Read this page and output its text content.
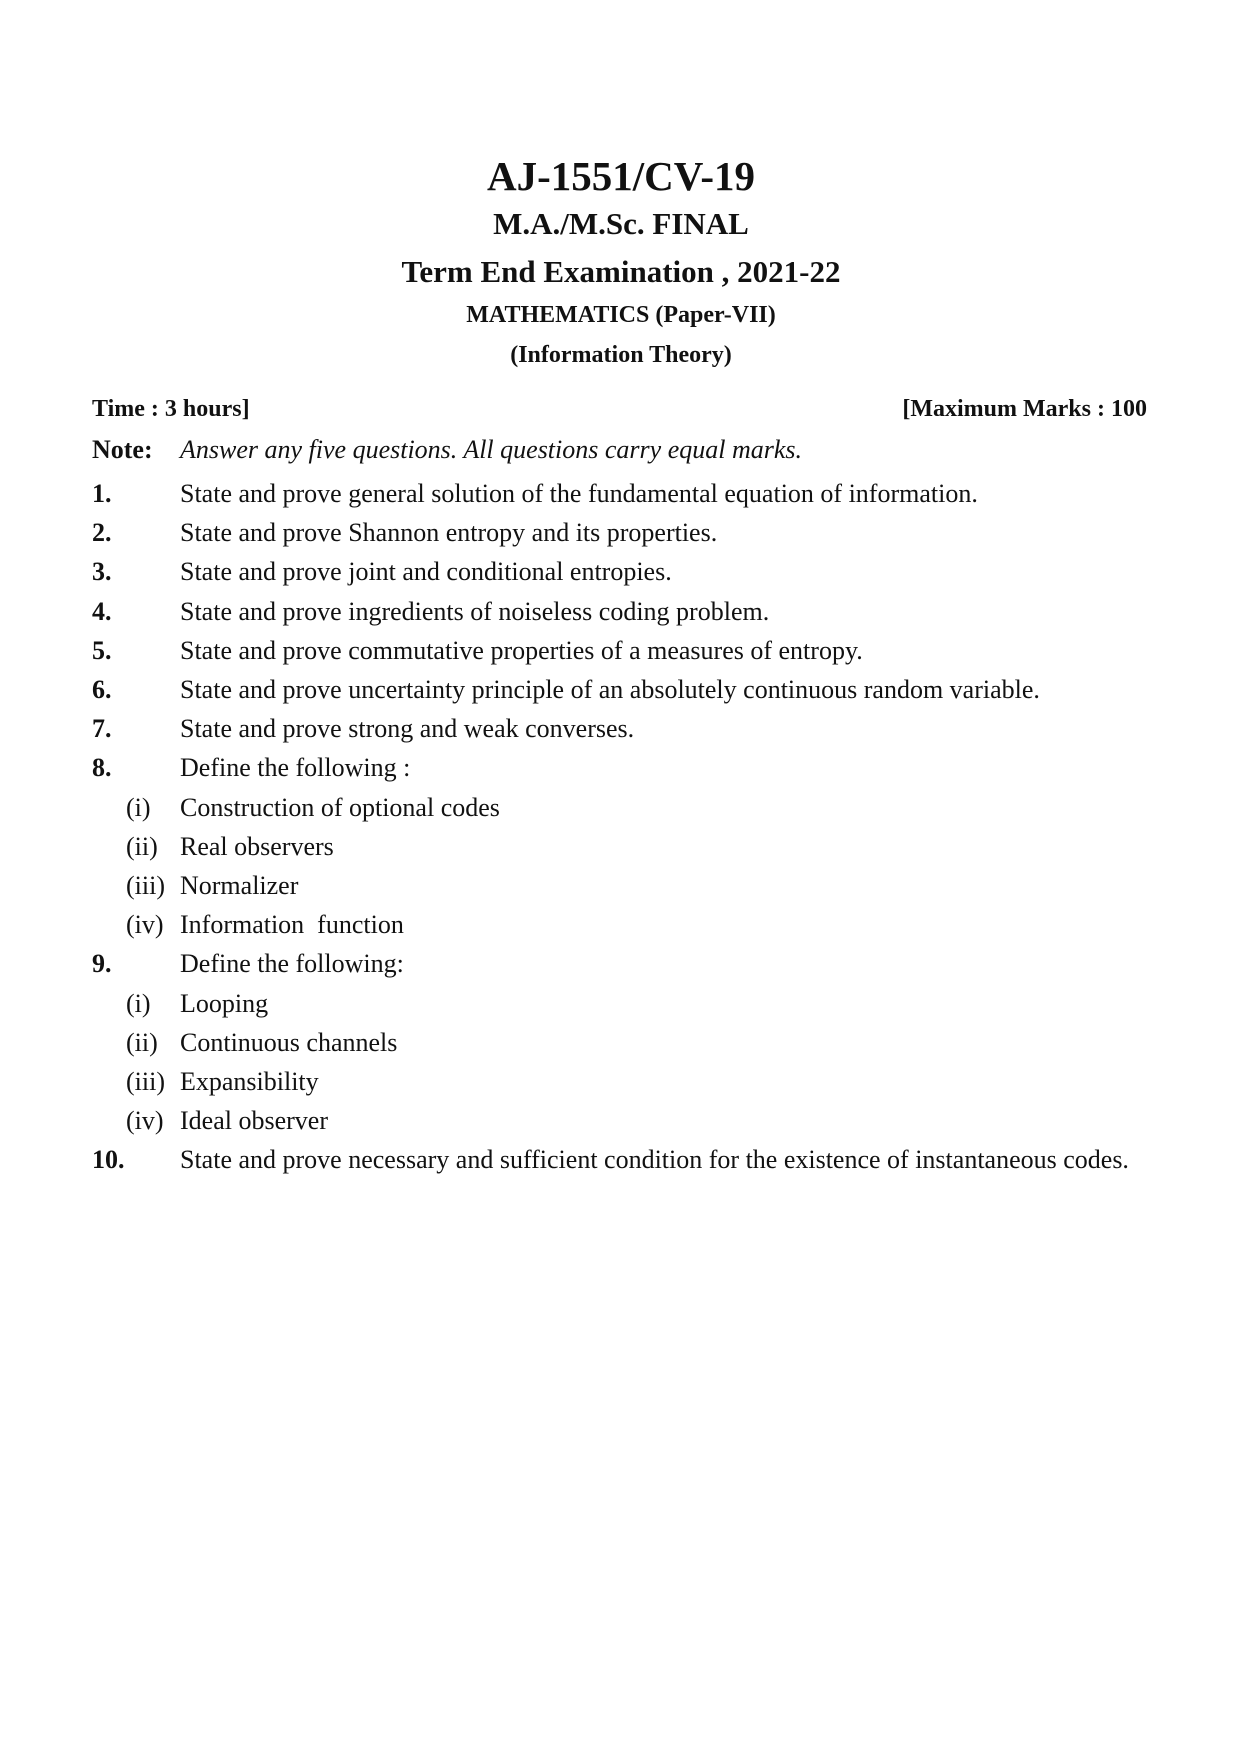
AJ-1551/CV-19
M.A./M.Sc. FINAL
Term End Examination , 2021-22
MATHEMATICS (Paper-VII)
(Information Theory)
Time : 3 hours]	[Maximum Marks : 100
Note: Answer any five questions. All questions carry equal marks.
1.	State and prove general solution of the fundamental equation of information.
2.	State and prove Shannon entropy and its properties.
3.	State and prove joint and conditional entropies.
4.	State and prove ingredients of noiseless coding problem.
5.	State and prove commutative properties of a measures of entropy.
6.	State and prove uncertainty principle of an absolutely continuous random variable.
7.	State and prove strong and weak converses.
8.	Define the following :
(i)	Construction of optional codes
(ii) Real observers
(iii) Normalizer
(iv) Information  function
9.	Define the following:
(i)	Looping
(ii) Continuous channels
(iii) Expansibility
(iv) Ideal observer
10.	State and prove necessary and sufficient condition for the existence of instantaneous codes.
